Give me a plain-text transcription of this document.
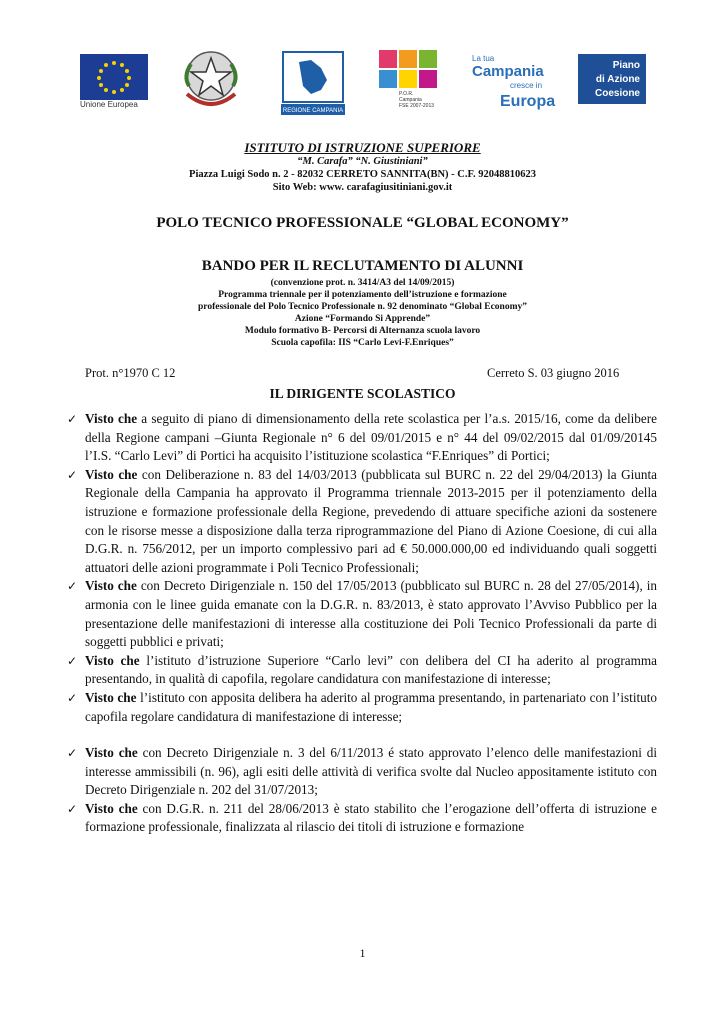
Unione Europea
REGIONE CAMPANIA
P.O.R.
Campania
FSE 2007-2013
La tua
Campania
cresce in
Europa
Piano
di Azione
Coesione
ISTITUTO DI ISTRUZIONE SUPERIORE
“M. Carafa” “N. Giustiniani”
Piazza Luigi Sodo n. 2 - 82032 CERRETO SANNITA(BN) - C.F. 92048810623
Sito Web: www. carafagiusitiniani.gov.it
POLO TECNICO PROFESSIONALE “GLOBAL ECONOMY”
BANDO PER IL RECLUTAMENTO DI ALUNNI
(convenzione prot. n. 3414/A3 del 14/09/2015)
Programma triennale per il potenziamento dell’istruzione e formazione
professionale del Polo Tecnico Professionale n. 92 denominato “Global Economy”
Azione “Formando Si Apprende”
Modulo formativo B- Percorsi di Alternanza scuola lavoro
Scuola capofila: IIS “Carlo Levi-F.Enriques”
Prot. n°1970 C 12	Cerreto S. 03 giugno 2016
IL DIRIGENTE SCOLASTICO
✓ Visto che a seguito di piano di dimensionamento della rete scolastica per l’a.s. 2015/16, come da delibere della Regione campani –Giunta Regionale n° 6 del 09/01/2015 e n° 44 del 09/02/2015 dal 01/09/20145 l’I.S. “Carlo Levi” di Portici ha acquisito l’istituzione scolastica “F.Enriques” di Portici;
✓ Visto che con Deliberazione n. 83 del 14/03/2013 (pubblicata sul BURC n. 22 del 29/04/2013) la Giunta Regionale della Campania ha approvato il Programma triennale 2013-2015 per il potenziamento della istruzione e formazione professionale della Regione, prevedendo di attuare specifiche azioni da sostenere con le risorse messe a disposizione dalla terza riprogrammazione del Piano di Azione Coesione, di cui alla D.G.R. n. 756/2012, per un importo complessivo pari ad € 50.000.000,00 ed individuando quali soggetti attuatori delle azioni programmate i Poli Tecnico Professionali;
✓ Visto che con Decreto Dirigenziale n. 150 del 17/05/2013 (pubblicato sul BURC n. 28 del 27/05/2014), in armonia con le linee guida emanate con la D.G.R. n. 83/2013, è stato approvato l’Avviso Pubblico per la presentazione delle manifestazioni di interesse alla costituzione dei Poli Tecnico Professionali da parte di soggetti pubblici e privati;
✓ Visto che l’istituto d’istruzione Superiore “Carlo levi” con delibera del CI ha aderito al programma presentando, in qualità di capofila, regolare candidatura con manifestazione di interesse;
✓ Visto che l’istituto con apposita delibera ha aderito al programma presentando, in partenariato con l’istituto capofila regolare candidatura di manifestazione di interesse;
✓ Visto che con Decreto Dirigenziale n. 3 del 6/11/2013 é stato approvato l’elenco delle manifestazioni di interesse ammissibili (n. 96), agli esiti delle attività di verifica svolte dal Nucleo appositamente istituto con Decreto Dirigenziale n. 202 del 31/07/2013;
✓ Visto che con D.G.R. n. 211 del 28/06/2013 è stato stabilito che l’erogazione dell’offerta di istruzione e formazione professionale, finalizzata al rilascio dei titoli di istruzione e formazione
1
